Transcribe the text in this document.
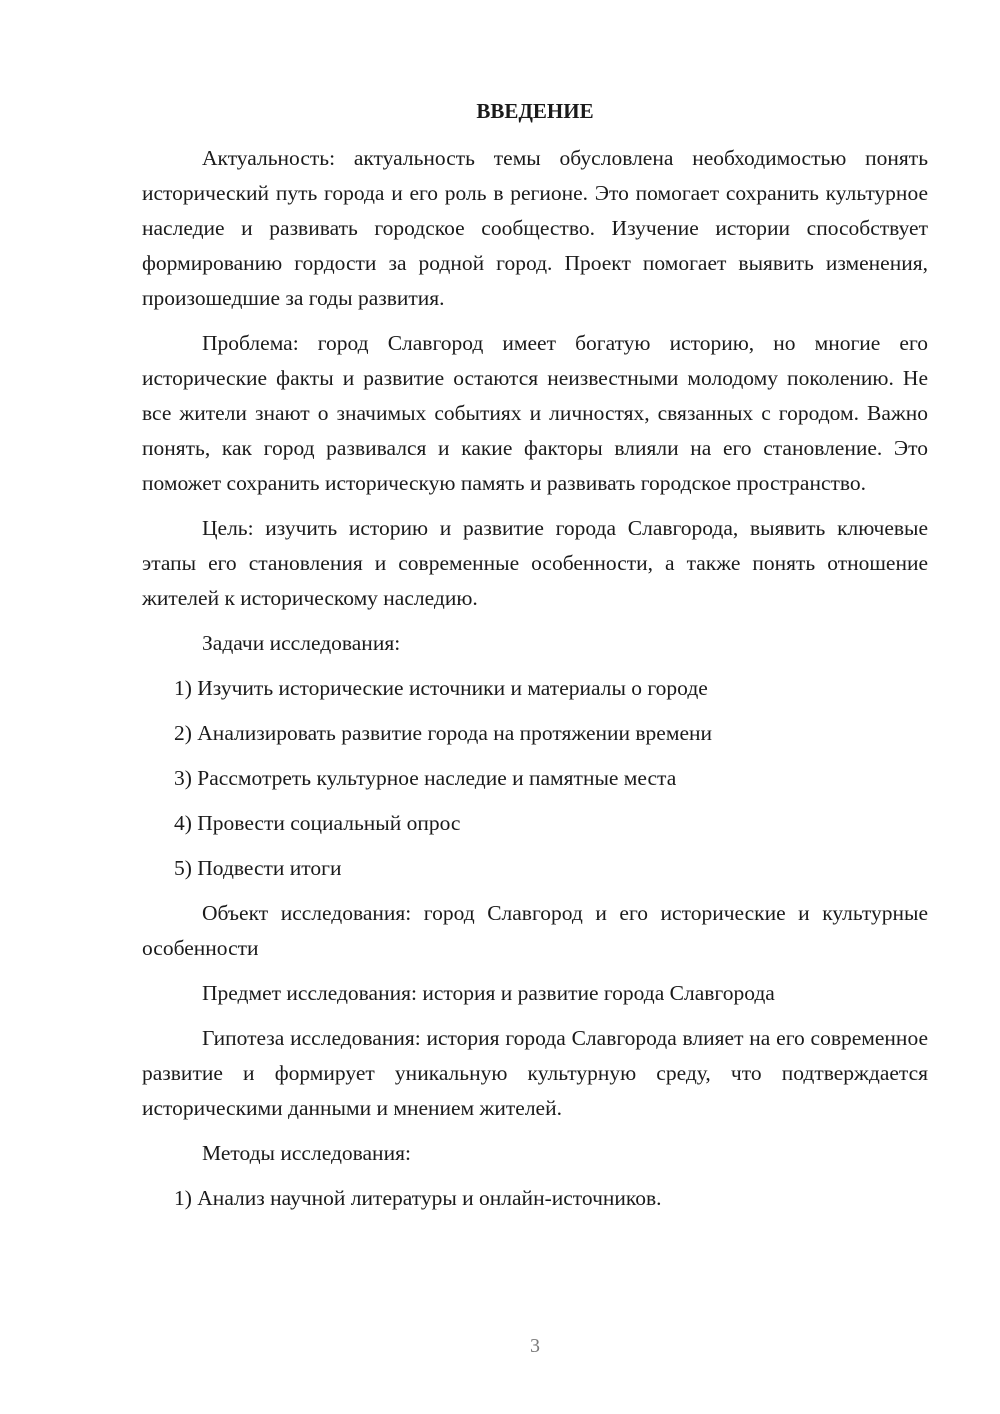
ВВЕДЕНИЕ

Актуальность: актуальность темы обусловлена необходимостью понять исторический путь города и его роль в регионе. Это помогает сохранить культурное наследие и развивать городское сообщество. Изучение истории способствует формированию гордости за родной город. Проект помогает выявить изменения, произошедшие за годы развития.

Проблема: город Славгород имеет богатую историю, но многие его исторические факты и развитие остаются неизвестными молодому поколению. Не все жители знают о значимых событиях и личностях, связанных с городом. Важно понять, как город развивался и какие факторы влияли на его становление. Это поможет сохранить историческую память и развивать городское пространство.

Цель: изучить историю и развитие города Славгорода, выявить ключевые этапы его становления и современные особенности, а также понять отношение жителей к историческому наследию.

Задачи исследования:

1) Изучить исторические источники и материалы о городе

2) Анализировать развитие города на протяжении времени

3) Рассмотреть культурное наследие и памятные места

4) Провести социальный опрос

5) Подвести итоги

Объект исследования: город Славгород и его исторические и культурные особенности

Предмет исследования: история и развитие города Славгорода

Гипотеза исследования: история города Славгорода влияет на его современное развитие и формирует уникальную культурную среду, что подтверждается историческими данными и мнением жителей.

Методы исследования:

1) Анализ научной литературы и онлайн-источников.

3
